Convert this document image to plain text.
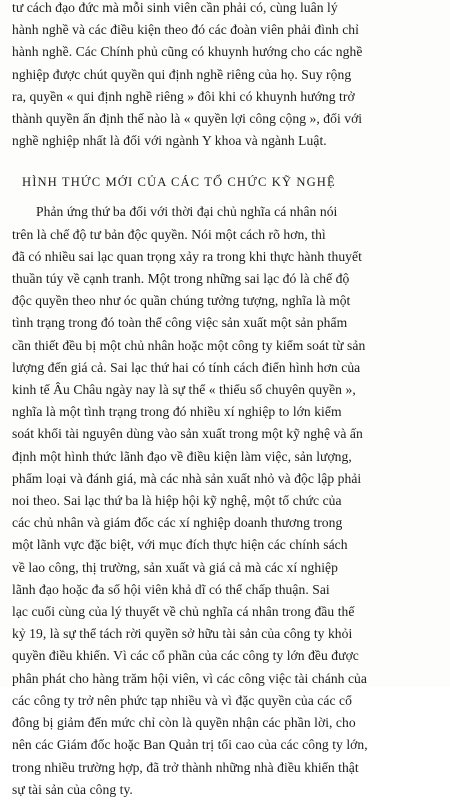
tư cách đạo đức mà mỗi sinh viên cần phải có, cùng luân lý
hành nghề và các điều kiện theo đó các đoàn viên phải đình chỉ
hành nghề. Các Chính phủ cũng có khuynh hướng cho các nghề
nghiệp được chút quyền qui định nghề riêng của họ. Suy rộng
ra, quyền « qui định nghề riêng » đôi khi có khuynh hướng trở
thành quyền ấn định thế nào là « quyền lợi công cộng », đối với
nghề nghiệp nhất là đối với ngành Y khoa và ngành Luật.

HÌNH THỨC MỚI CỦA CÁC TỔ CHỨC KỸ NGHỆ

Phản ứng thứ ba đối với thời đại chủ nghĩa cá nhân nói
trên là chế độ tư bản độc quyền. Nói một cách rõ hơn, thì
đã có nhiều sai lạc quan trọng xảy ra trong khi thực hành thuyết
thuần túy về cạnh tranh. Một trong những sai lạc đó là chế độ
độc quyền theo như óc quần chúng tưởng tượng, nghĩa là một
tình trạng trong đó toàn thể công việc sản xuất một sản phẩm
cần thiết đều bị một chủ nhân hoặc một công ty kiểm soát từ sản
lượng đến giá cả. Sai lạc thứ hai có tính cách điển hình hơn của
kinh tế Âu Châu ngày nay là sự thể « thiểu số chuyên quyền »,
nghĩa là một tình trạng trong đó nhiều xí nghiệp to lớn kiểm
soát khối tài nguyên dùng vào sản xuất trong một kỹ nghệ và ấn
định một hình thức lãnh đạo về điều kiện làm việc, sản lượng,
phẩm loại và đánh giá, mà các nhà sản xuất nhỏ và độc lập phải
noi theo. Sai lạc thứ ba là hiệp hội kỹ nghệ, một tổ chức của
các chủ nhân và giám đốc các xí nghiệp doanh thương trong
một lãnh vực đặc biệt, với mục đích thực hiện các chính sách
về lao công, thị trường, sản xuất và giá cả mà các xí nghiệp
lãnh đạo hoặc đa số hội viên khả dĩ có thể chấp thuận. Sai
lạc cuối cùng của lý thuyết về chủ nghĩa cá nhân trong đầu thế
kỷ 19, là sự thể tách rời quyền sở hữu tài sản của công ty khỏi
quyền điều khiển. Vì các cổ phần của các công ty lớn đều được
phân phát cho hàng trăm hội viên, vì các công việc tài chánh của
các công ty trở nên phức tạp nhiều và vì đặc quyền của các cổ
đông bị giảm đến mức chỉ còn là quyền nhận các phần lời, cho
nên các Giám đốc hoặc Ban Quản trị tối cao của các công ty lớn,
trong nhiều trường hợp, đã trở thành những nhà điều khiển thật
sự tài sản của công ty.
